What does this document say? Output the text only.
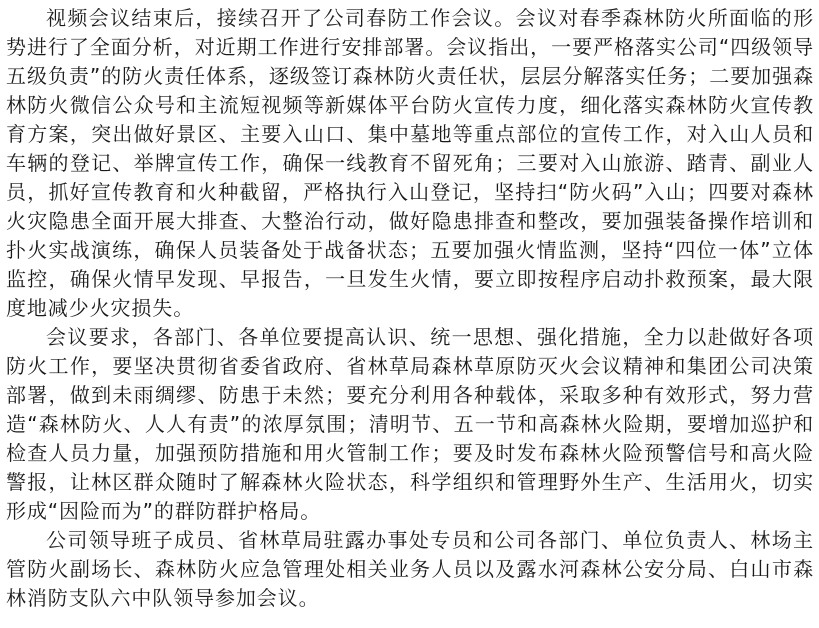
视频会议结束后，接续召开了公司春防工作会议。会议对春季森林防火所面临的形势进行了全面分析，对近期工作进行安排部署。会议指出，一要严格落实公司“四级领导五级负责”的防火责任体系，逐级签订森林防火责任状，层层分解落实任务；二要加强森林防火微信公众号和主流短视频等新媒体平台防火宣传力度，细化落实森林防火宣传教育方案，突出做好景区、主要入山口、集中墓地等重点部位的宣传工作，对入山人员和车辆的登记、举牌宣传工作，确保一线教育不留死角；三要对入山旅游、踏青、副业人员，抓好宣传教育和火种截留，严格执行入山登记，坚持扫“防火码”入山；四要对森林火灾隐患全面开展大排查、大整治行动，做好隐患排查和整改，要加强装备操作培训和扑火实战演练，确保人员装备处于战备状态；五要加强火情监测，坚持“四位一体”立体监控，确保火情早发现、早报告，一旦发生火情，要立即按程序启动扑救预案，最大限度地减少火灾损失。

会议要求，各部门、各单位要提高认识、统一思想、强化措施，全力以赴做好各项防火工作，要坚决贯彻省委省政府、省林草局森林草原防灭火会议精神和集团公司决策部署，做到未雨绸缪、防患于未然；要充分利用各种载体，采取多种有效形式，努力营造“森林防火、人人有责”的浓厚氛围；清明节、五一节和高森林火险期，要增加巡护和检查人员力量，加强预防措施和用火管制工作；要及时发布森林火险预警信号和高火险警报，让林区群众随时了解森林火险状态，科学组织和管理野外生产、生活用火，切实形成“因险而为”的群防群护格局。

公司领导班子成员、省林草局驻露办事处专员和公司各部门、单位负责人、林场主管防火副场长、森林防火应急管理处相关业务人员以及露水河森林公安分局、白山市森林消防支队六中队领导参加会议。
